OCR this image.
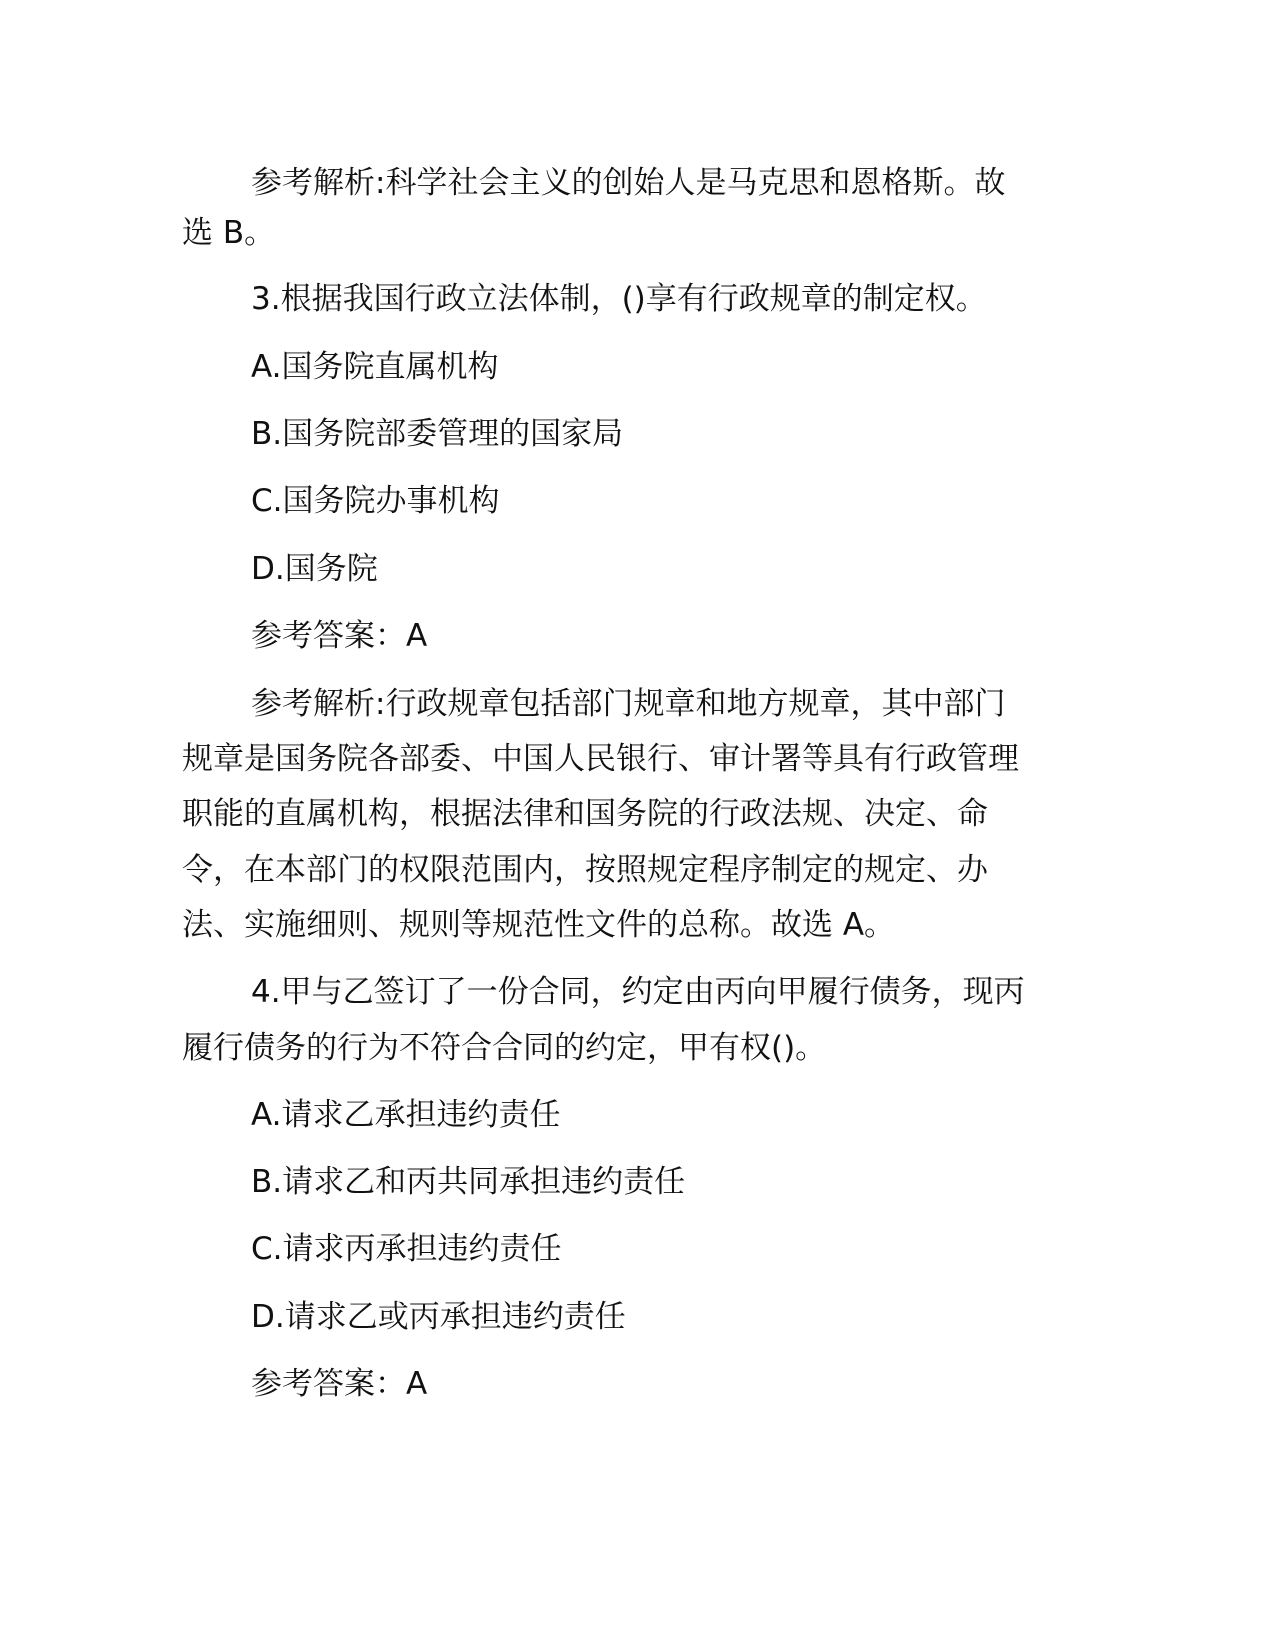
参考解析:科学社会主义的创始人是马克思和恩格斯。故
选 B。
3.根据我国行政立法体制，()享有行政规章的制定权。
A.国务院直属机构
B.国务院部委管理的国家局
C.国务院办事机构
D.国务院
参考答案：A
参考解析:行政规章包括部门规章和地方规章，其中部门
规章是国务院各部委、中国人民银行、审计署等具有行政管理
职能的直属机构，根据法律和国务院的行政法规、决定、命
令，在本部门的权限范围内，按照规定程序制定的规定、办
法、实施细则、规则等规范性文件的总称。故选 A。
4.甲与乙签订了一份合同，约定由丙向甲履行债务，现丙
履行债务的行为不符合合同的约定，甲有权()。
A.请求乙承担违约责任
B.请求乙和丙共同承担违约责任
C.请求丙承担违约责任
D.请求乙或丙承担违约责任
参考答案：A
